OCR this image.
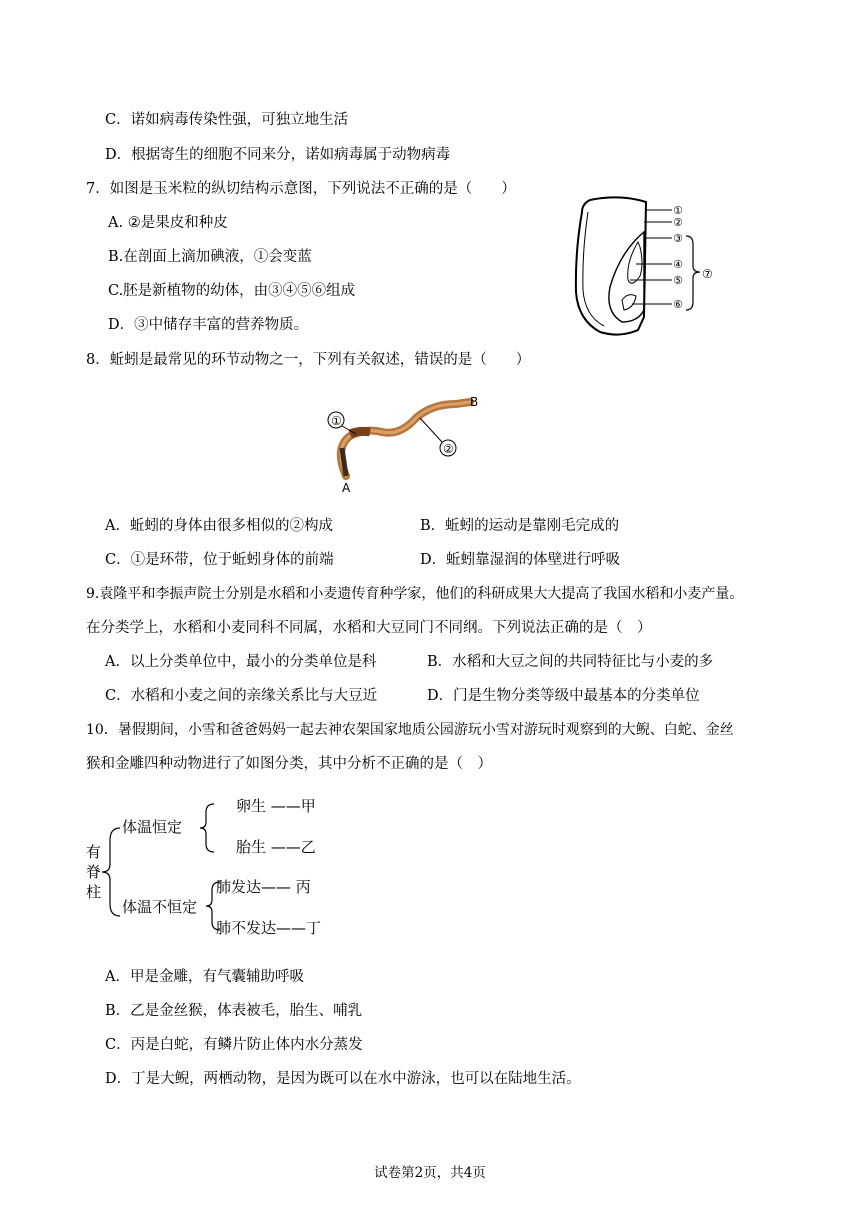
C．诺如病毒传染性强，可独立地生活
D．根据寄生的细胞不同来分，诺如病毒属于动物病毒
7．如图是玉米粒的纵切结构示意图，下列说法不正确的是（　　）
A. ②是果皮和种皮
B.在剖面上滴加碘液，①会变蓝
C.胚是新植物的幼体，由③④⑤⑥组成
D．③中储存丰富的营养物质。
①
②
③
④
⑤
⑥
⑦
8．蚯蚓是最常见的环节动物之一，下列有关叙述，错误的是（　　）
①
②
A
B
A．蚯蚓的身体由很多相似的②构成	B．蚯蚓的运动是靠刚毛完成的
C．①是环带，位于蚯蚓身体的前端	D．蚯蚓靠湿润的体壁进行呼吸
9.袁隆平和李振声院士分别是水稻和小麦遗传育种学家，他们的科研成果大大提高了我国水稻和小麦产量。
在分类学上，水稻和小麦同科不同属，水稻和大豆同门不同纲。下列说法正确的是（　）
A．以上分类单位中，最小的分类单位是科	B．水稻和大豆之间的共同特征比与小麦的多
C．水稻和小麦之间的亲缘关系比与大豆近	D．门是生物分类等级中最基本的分类单位
10．暑假期间，小雪和爸爸妈妈一起去神农架国家地质公园游玩小雪对游玩时观察到的大鲵、白蛇、金丝
猴和金雕四种动物进行了如图分类，其中分析不正确的是（　）
有
脊
柱
体温恒定
体温不恒定
卵生 ——甲
胎生 ——乙
肺发达—— 丙
肺不发达——丁
A．甲是金雕，有气囊辅助呼吸
B．乙是金丝猴，体表被毛，胎生、哺乳
C．丙是白蛇，有鳞片防止体内水分蒸发
D．丁是大鲵，两栖动物，是因为既可以在水中游泳，也可以在陆地生活。
试卷第2页，共4页
